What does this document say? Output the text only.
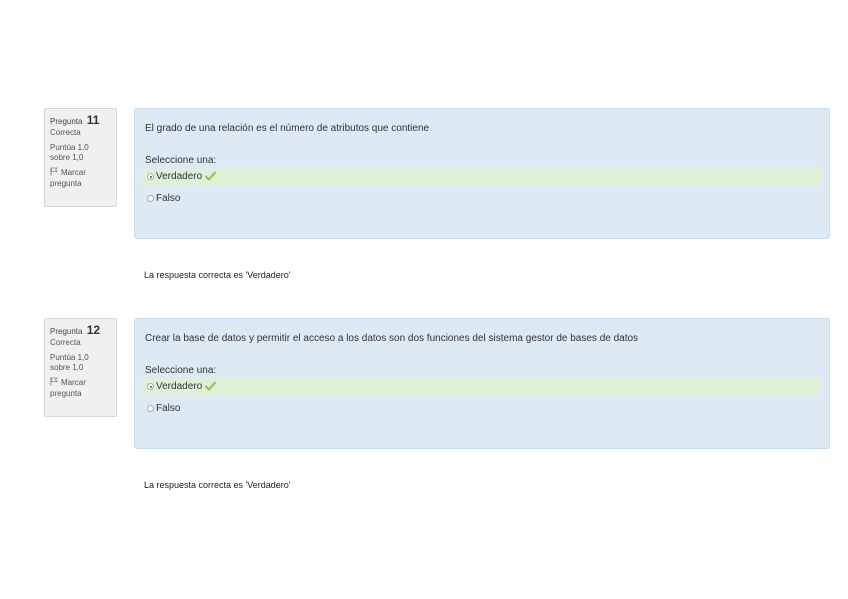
Pregunta 11
Correcta
Puntúa 1,0 sobre 1,0
Marcar pregunta
El grado de una relación es el número de atributos que contiene
Seleccione una:
Verdadero
Falso
La respuesta correcta es 'Verdadero'
Pregunta 12
Correcta
Puntúa 1,0 sobre 1,0
Marcar pregunta
Crear la base de datos y permitir el acceso a los datos son dos funciones del sistema gestor de bases de datos
Seleccione una:
Verdadero
Falso
La respuesta correcta es 'Verdadero'
